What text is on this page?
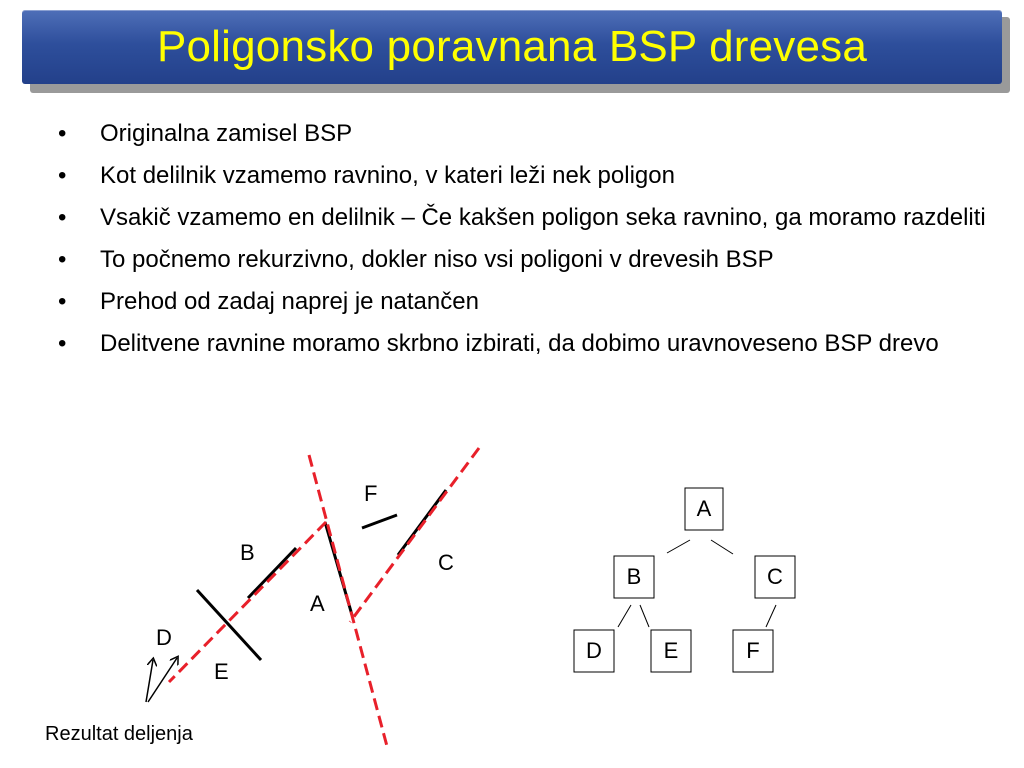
Poligonsko poravnana BSP drevesa
• Originalna zamisel BSP
• Kot delilnik vzamemo ravnino, v kateri leži nek poligon
• Vsakič vzamemo en delilnik – Če kakšen poligon seka ravnino, ga moramo razdeliti
• To počnemo rekurzivno, dokler niso vsi poligoni v drevesih BSP
• Prehod od zadaj naprej je natančen
• Delitvene ravnine moramo skrbno izbirati, da dobimo uravnoveseno BSP drevo
F
B	C
A
D
E
Rezultat deljenja
A
B	C
D	E	F
